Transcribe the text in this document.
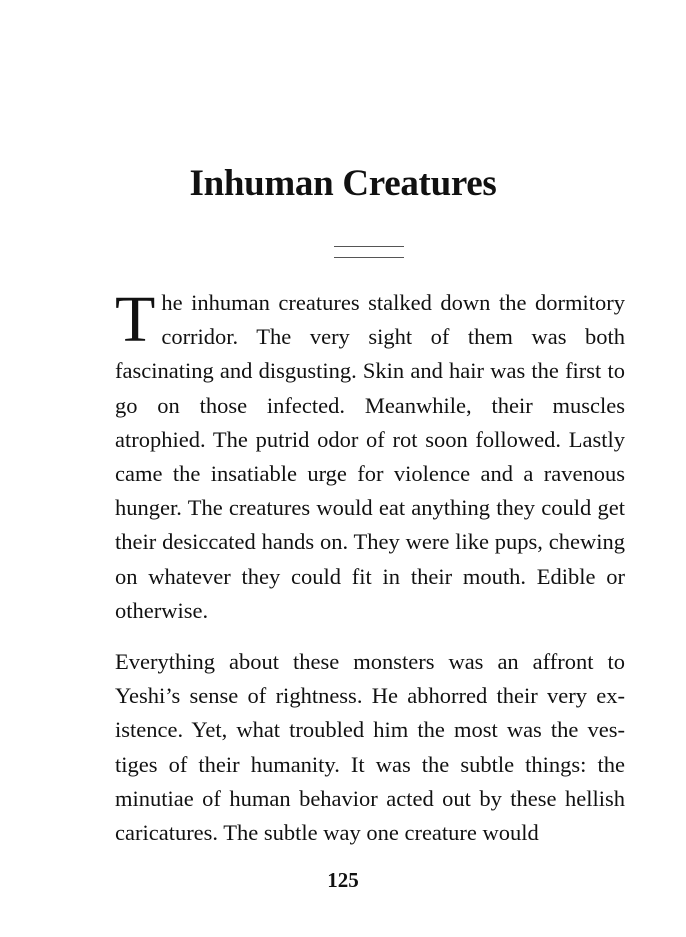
Inhuman Creatures

The inhuman creatures stalked down the dormitory corridor. The very sight of them was both fascinating and disgusting. Skin and hair was the first to go on those infected. Meanwhile, their muscles atrophied. The putrid odor of rot soon followed. Lastly came the insatiable urge for violence and a ravenous hunger. The creatures would eat anything they could get their desiccated hands on. They were like pups, chewing on whatever they could fit in their mouth. Edible or otherwise.

Everything about these monsters was an affront to Yeshi’s sense of rightness. He abhorred their very existence. Yet, what troubled him the most was the vestiges of their humanity. It was the subtle things: the minutiae of human behavior acted out by these hellish caricatures. The subtle way one creature would

125
